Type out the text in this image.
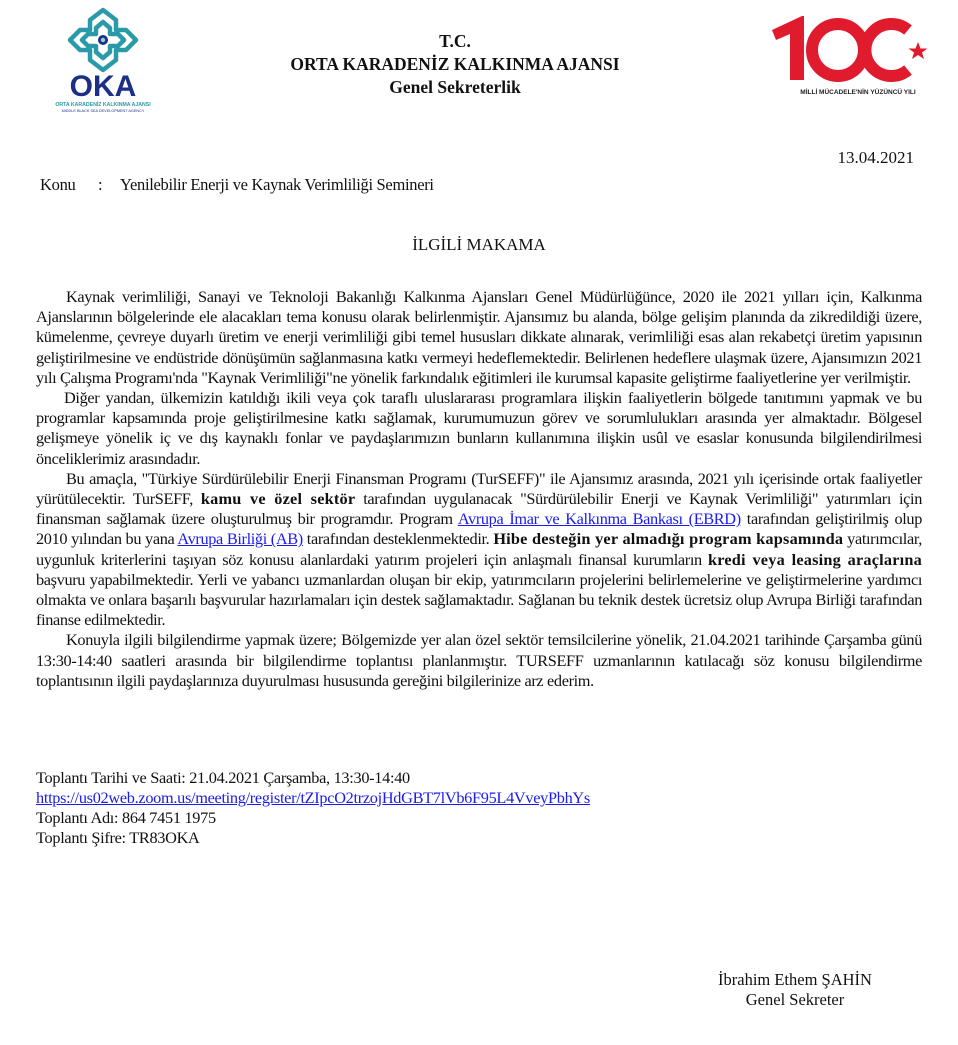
OKA
ORTA KARADENİZ KALKINMA AJANSI
MIDDLE BLACK SEA DEVELOPMENT AGENCY
MİLLİ MÜCADELE'NİN YÜZÜNCÜ YILI
T.C.
ORTA KARADENİZ KALKINMA AJANSI
Genel Sekreterlik
13.04.2021
Konu : Yenilebilir Enerji ve Kaynak Verimliliği Semineri
İLGİLİ MAKAMA

Kaynak verimliliği, Sanayi ve Teknoloji Bakanlığı Kalkınma Ajansları Genel Müdürlüğünce, 2020 ile 2021 yılları için, Kalkınma Ajanslarının bölgelerinde ele alacakları tema konusu olarak belirlenmiştir. Ajansımız bu alanda, bölge gelişim planında da zikredildiği üzere, kümelenme, çevreye duyarlı üretim ve enerji verimliliği gibi temel hususları dikkate alınarak, verimliliği esas alan rekabetçi üretim yapısının geliştirilmesine ve endüstride dönüşümün sağlanmasına katkı vermeyi hedeflemektedir. Belirlenen hedeflere ulaşmak üzere, Ajansımızın 2021 yılı Çalışma Programı'nda "Kaynak Verimliliği"ne yönelik farkındalık eğitimleri ile kurumsal kapasite geliştirme faaliyetlerine yer verilmiştir.

Diğer yandan, ülkemizin katıldığı ikili veya çok taraflı uluslararası programlara ilişkin faaliyetlerin bölgede tanıtımını yapmak ve bu programlar kapsamında proje geliştirilmesine katkı sağlamak, kurumumuzun görev ve sorumlulukları arasında yer almaktadır. Bölgesel gelişmeye yönelik iç ve dış kaynaklı fonlar ve paydaşlarımızın bunların kullanımına ilişkin usûl ve esaslar konusunda bilgilendirilmesi önceliklerimiz arasındadır.

Bu amaçla, "Türkiye Sürdürülebilir Enerji Finansman Programı (TurSEFF)" ile Ajansımız arasında, 2021 yılı içerisinde ortak faaliyetler yürütülecektir. TurSEFF, kamu ve özel sektör tarafından uygulanacak "Sürdürülebilir Enerji ve Kaynak Verimliliği" yatırımları için finansman sağlamak üzere oluşturulmuş bir programdır. Program Avrupa İmar ve Kalkınma Bankası (EBRD) tarafından geliştirilmiş olup 2010 yılından bu yana Avrupa Birliği (AB) tarafından desteklenmektedir. Hibe desteğin yer almadığı program kapsamında yatırımcılar, uygunluk kriterlerini taşıyan söz konusu alanlardaki yatırım projeleri için anlaşmalı finansal kurumların kredi veya leasing araçlarına başvuru yapabilmektedir. Yerli ve yabancı uzmanlardan oluşan bir ekip, yatırımcıların projelerini belirlemelerine ve geliştirmelerine yardımcı olmakta ve onlara başarılı başvurular hazırlamaları için destek sağlamaktadır. Sağlanan bu teknik destek ücretsiz olup Avrupa Birliği tarafından finanse edilmektedir.

Konuyla ilgili bilgilendirme yapmak üzere; Bölgemizde yer alan özel sektör temsilcilerine yönelik, 21.04.2021 tarihinde Çarşamba günü 13:30-14:40 saatleri arasında bir bilgilendirme toplantısı planlanmıştır. TURSEFF uzmanlarının katılacağı söz konusu bilgilendirme toplantısının ilgili paydaşlarınıza duyurulması hususunda gereğini bilgilerinize arz ederim.

Toplantı Tarihi ve Saati: 21.04.2021 Çarşamba, 13:30-14:40
https://us02web.zoom.us/meeting/register/tZIpcO2trzojHdGBT7lVb6F95L4VveyPbhYs
Toplantı Adı: 864 7451 1975
Toplantı Şifre: TR83OKA
İbrahim Ethem ŞAHİN
Genel Sekreter
